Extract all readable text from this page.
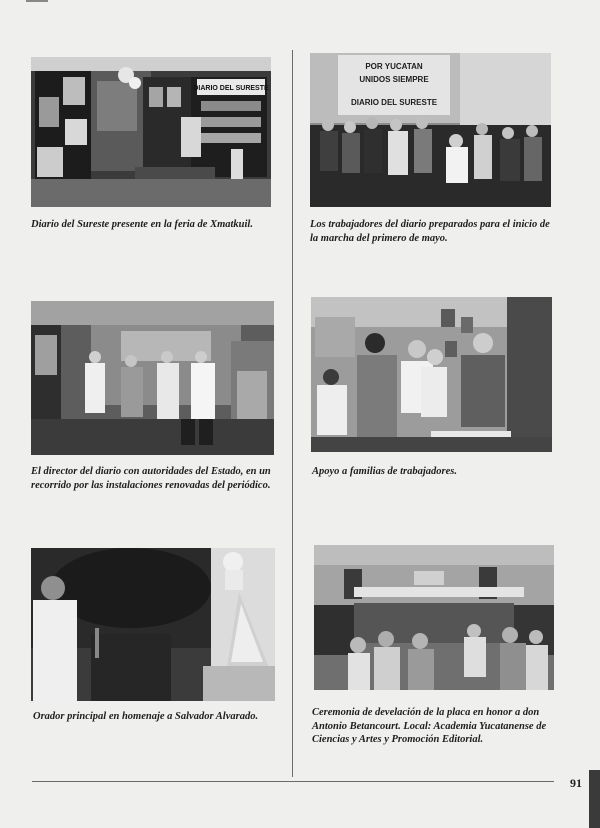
DIARIO DEL SURESTE
Diario del Sureste presente en la feria de Xmatkuil.
POR YUCATAN
UNIDOS SIEMPRE
DIARIO DEL SURESTE
Los trabajadores del diario preparados para el inicio de la marcha del primero de mayo.
El director del diario con autoridades del Estado, en un recorrido por las instalaciones renovadas del periódico.
Apoyo a familias de trabajadores.
Orador principal en homenaje a Salvador Alvarado.	Ceremonia de develación de la placa en honor a don Antonio Betancourt. Local: Academia Yucatanense de Ciencias y Artes y Promoción Editorial.
91
